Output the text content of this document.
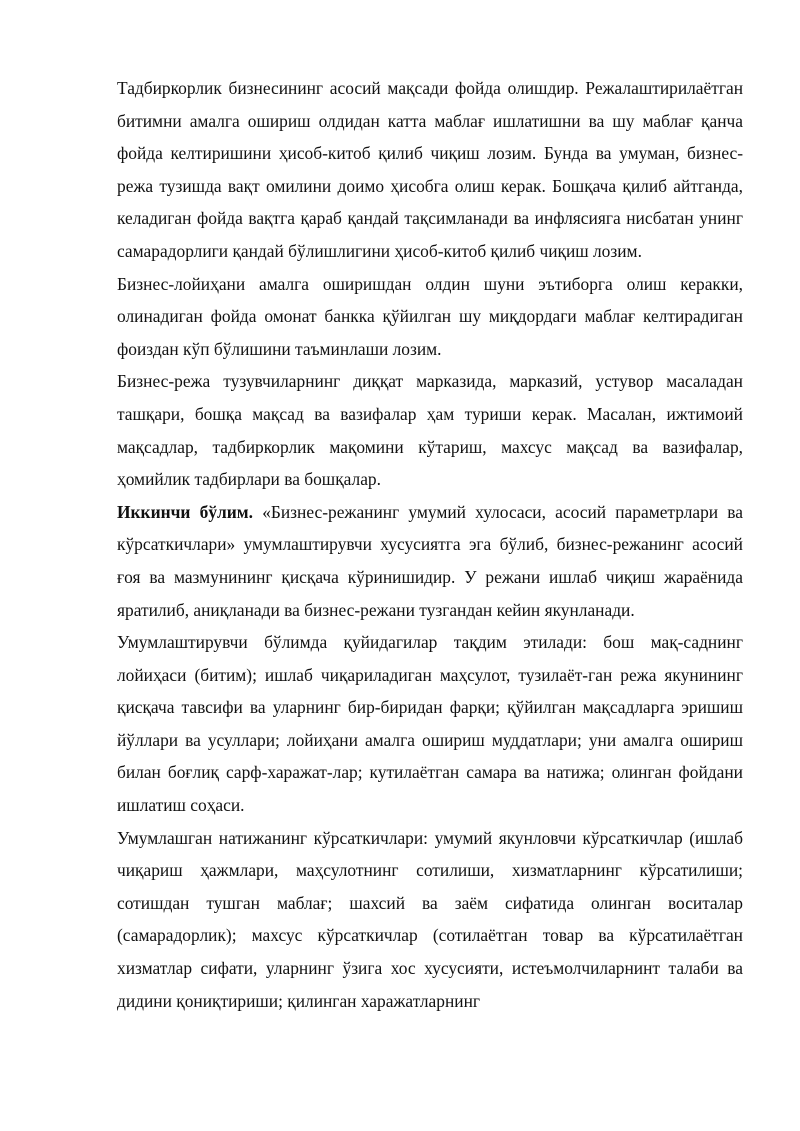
Тадбиркорлик бизнесининг асосий мақсади фойда олишдир. Режалаштирилаётган битимни амалга ошириш олдидан катта маблағ ишлатишни ва шу маблағ қанча фойда келтиришини ҳисоб-китоб қилиб чиқиш лозим. Бунда ва умуман, бизнес-режа тузишда вақт омилини доимо ҳисобга олиш керак. Бошқача қилиб айтганда, келадиган фойда вақтга қараб қандай тақсимланади ва инфлясияга нисбатан унинг самарадорлиги қандай бўлишлигини ҳисоб-китоб қилиб чиқиш лозим.

Бизнес-лойиҳани амалга оширишдан олдин шуни эътиборга олиш керакки, олинадиган фойда омонат банкка қўйилган шу миқдордаги маблағ келтирадиган фоиздан кўп бўлишини таъминлаши лозим.

Бизнес-режа тузувчиларнинг диққат марказида, марказий, устувор масаладан ташқари, бошқа мақсад ва вазифалар ҳам туриши керак. Масалан, ижтимоий мақсадлар, тадбиркорлик мақомини кўтариш, махсус мақсад ва вазифалар, ҳомийлик тадбирлари ва бошқалар.

Иккинчи бўлим. «Бизнес-режанинг умумий хулосаси, асосий параметрлари ва кўрсаткичлари» умумлаштирувчи хусусиятга эга бўлиб, бизнес-режанинг асосий ғоя ва мазмунининг қисқача кўринишидир. У режани ишлаб чиқиш жараёнида яратилиб, аниқланади ва бизнес-режани тузгандан кейин якунланади.

Умумлаштирувчи бўлимда қуйидагилар тақдим этилади: бош мақ-саднинг лойиҳаси (битим); ишлаб чиқариладиган маҳсулот, тузилаёт-ган режа якунининг қисқача тавсифи ва уларнинг бир-биридан фарқи; қўйилган мақсадларга эришиш йўллари ва усуллари; лойиҳани амалга ошириш муддатлари; уни амалга ошириш билан боғлиқ сарф-харажат-лар; кутилаётган самара ва натижа; олинган фойдани ишлатиш соҳаси.

Умумлашган натижанинг кўрсаткичлари: умумий якунловчи кўрсаткичлар (ишлаб чиқариш ҳажмлари, маҳсулотнинг сотилиши, хизматларнинг кўрсатилиши; сотишдан тушган маблағ; шахсий ва заём сифатида олинган воситалар (самарадорлик); махсус кўрсаткичлар (сотилаётган товар ва кўрсатилаётган хизматлар сифати, уларнинг ўзига хос хусусияти, истеъмолчиларнинт талаби ва дидини қониқтириши; қилинган харажатларнинг
